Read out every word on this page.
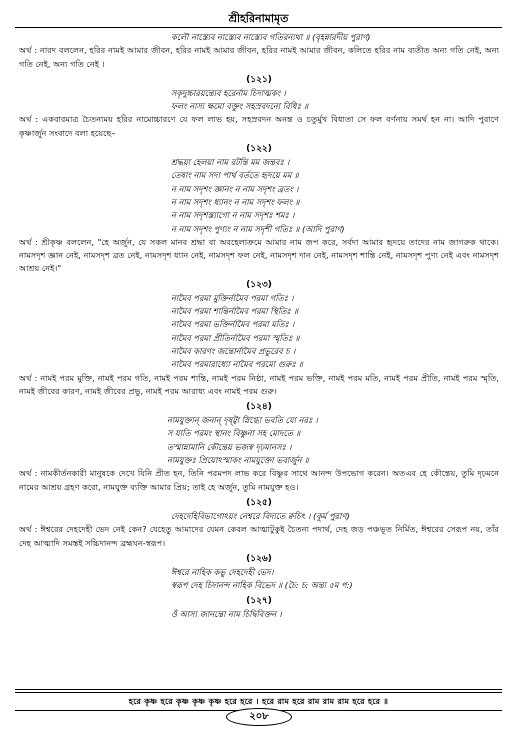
শ্রীহরিনামামৃত
কলৌ নাস্ত্যেব নাস্ত্যেব নাস্ত্যেব গতিরন্যথা ॥ (বৃহন্নারদীয় পুরাণ)
অর্থ : নারদ বললেন, হরির নামই আমার জীবন, হরির নামই আমার জীবন, হরির নামই আমার জীবন, কলিতে হরির নাম ব্যতীত অন্য গতি নেই, অন্য গতি নেই, অন্য গতি নেই ।
(১২১)
সকৃদুচ্চারয়ন্ত্যেব হরের্নাম চিদাত্মকং ।
ফলং নাস্য ক্ষমো বক্তুং সহস্রবদনো বিধিঃ ॥
অর্থ : একবারমাত্র চৈতন্যময় হরির নামোচ্চারণে যে ফল লাভ হয়, সহস্রবদন অনন্ত ও চতুর্মুখ বিধাতা সে ফল বর্ণনায় সমর্থ হন না। আদি পুরাণে কৃষ্ণার্জুন সংবাদে বলা হয়েছে–
(১২২)
শ্রদ্ধয়া হেলয়া নাম রটন্তি মম জন্তবঃ ।
তেষাং নাম সদা পার্থ বর্ততে হৃদয়ে মম ॥
ন নাম সদৃশং জ্ঞানং ন নাম সদৃশং ব্রতং ।
ন নাম সদৃশং ধ্যানং ন নাম সদৃশং ফলং ॥
ন নাম সদৃশস্ত্যাগো ন নাম সদৃশঃ শমঃ ।
ন নাম সদৃশং পুণ্যং ন নাম সদৃশী গতিঃ ॥ (আদি পুরাণ)
অর্থ : শ্রীকৃষ্ণ বললেন, "হে অর্জুন, যে সকল মানব শ্রদ্ধা বা অবহেলাক্রমে আমার নাম জপ করে, সর্বদা আমার হৃদয়ে তাদের নাম জাগরুক থাকে। নামসদৃশ জ্ঞান নেই, নামসদৃশ ব্রত নেই, নামসদৃশ ধ্যান নেই, নামসদৃশ ফল নেই, নামসদৃশ দান নেই, নামসদৃশ শান্তি নেই, নামসদৃশ পুণ্য নেই এবং নামসদৃশ আশ্রয় নেই।"
(১২৩)
নামৈব পরমা মুক্তির্নামৈব পরমা গতিঃ ।
নামৈব পরমা শান্তির্নামৈব পরমা স্থিতিঃ ॥
নামৈব পরমা ভক্তির্নামৈব পরমা মতিঃ ।
নামৈব পরমা প্রীতির্নামৈব পরমা স্মৃতিঃ ॥
নামৈব কারণং জন্তোর্নামৈব প্রভুরেব চ ।
নামৈব পরমারাধ্যো নামৈব পরমো গুরুঃ ॥
অর্থ : নামই পরম মুক্তি, নামই পরম গতি, নামই পরম শান্তি, নামই পরম নিষ্ঠা, নামই পরম ভক্তি, নামই পরম মতি, নামই পরম প্রীতি, নামই পরম স্মৃতি, নামই জীবের কারণ, নামই জীবের প্রভু, নামই পরম আরাধ্য এবং নামই পরম গুরু।
(১২৪)
নামযুক্তান্ জনান্ দৃষ্ট্বা স্নিগ্ধো ভবতি যো নরঃ ।
স যাতি পরমং স্থানং বিষ্ণুনা সহ মোদতে ॥
তস্মান্নামানি কৌন্তেয় ভজস্ব দৃঢ়মানসঃ ।
নামযুক্তঃ প্রিয়োঽস্মাকং নামযুক্তো ভবার্জুন ॥
অর্থ : নামকীর্তনকারী মানুষকে দেখে যিনি প্রীত হন, তিনি পরমপদ লাভ করে বিষ্ণুর সাথে আনন্দ উপভোগ করেন। অতএব হে কৌন্তেয়, তুমি দৃঢ়মনে নামের আশ্রয় গ্রহণ করো, নামযুক্ত ব্যক্তি আমার প্রিয়; তাই হে অর্জুন, তুমি নামযুক্ত হও।
(১২৫)
দেহদেহিবিভাগোঽয়ং নেশ্বরে বিদ্যতে ক্বচিৎ । (কূর্ম পুরাণ)
অর্থ : ঈশ্বরের দেহদেহী ভেদ নেই কেন? যেহেতু আমাদের যেমন কেবল আত্মাটুকুই চৈতন্য পদার্থ, দেহ জড় পঞ্চভূত নির্মিত, ঈশ্বরের সেরূপ নয়, তাঁর দেহ আত্মাদি সমস্তই সচ্চিদানন্দ ব্রহ্মঘন-স্বরূপ।
(১২৬)
ঈশ্বরে নাহিক কভু দেহদেহী ভেদ।
স্বরূপ দেহ চিদানন্দ নাহিক বিভেদ ॥ (চৈ: চ: অন্ত্য ৫ম প:)
(১২৭)
ওঁ আস্য জানন্তো নাম চিদ্বিবিক্তন ।
হরে কৃষ্ণ হরে কৃষ্ণ কৃষ্ণ কৃষ্ণ হরে হরে । হরে রাম হরে রাম রাম রাম হরে হরে ॥
২০৮
